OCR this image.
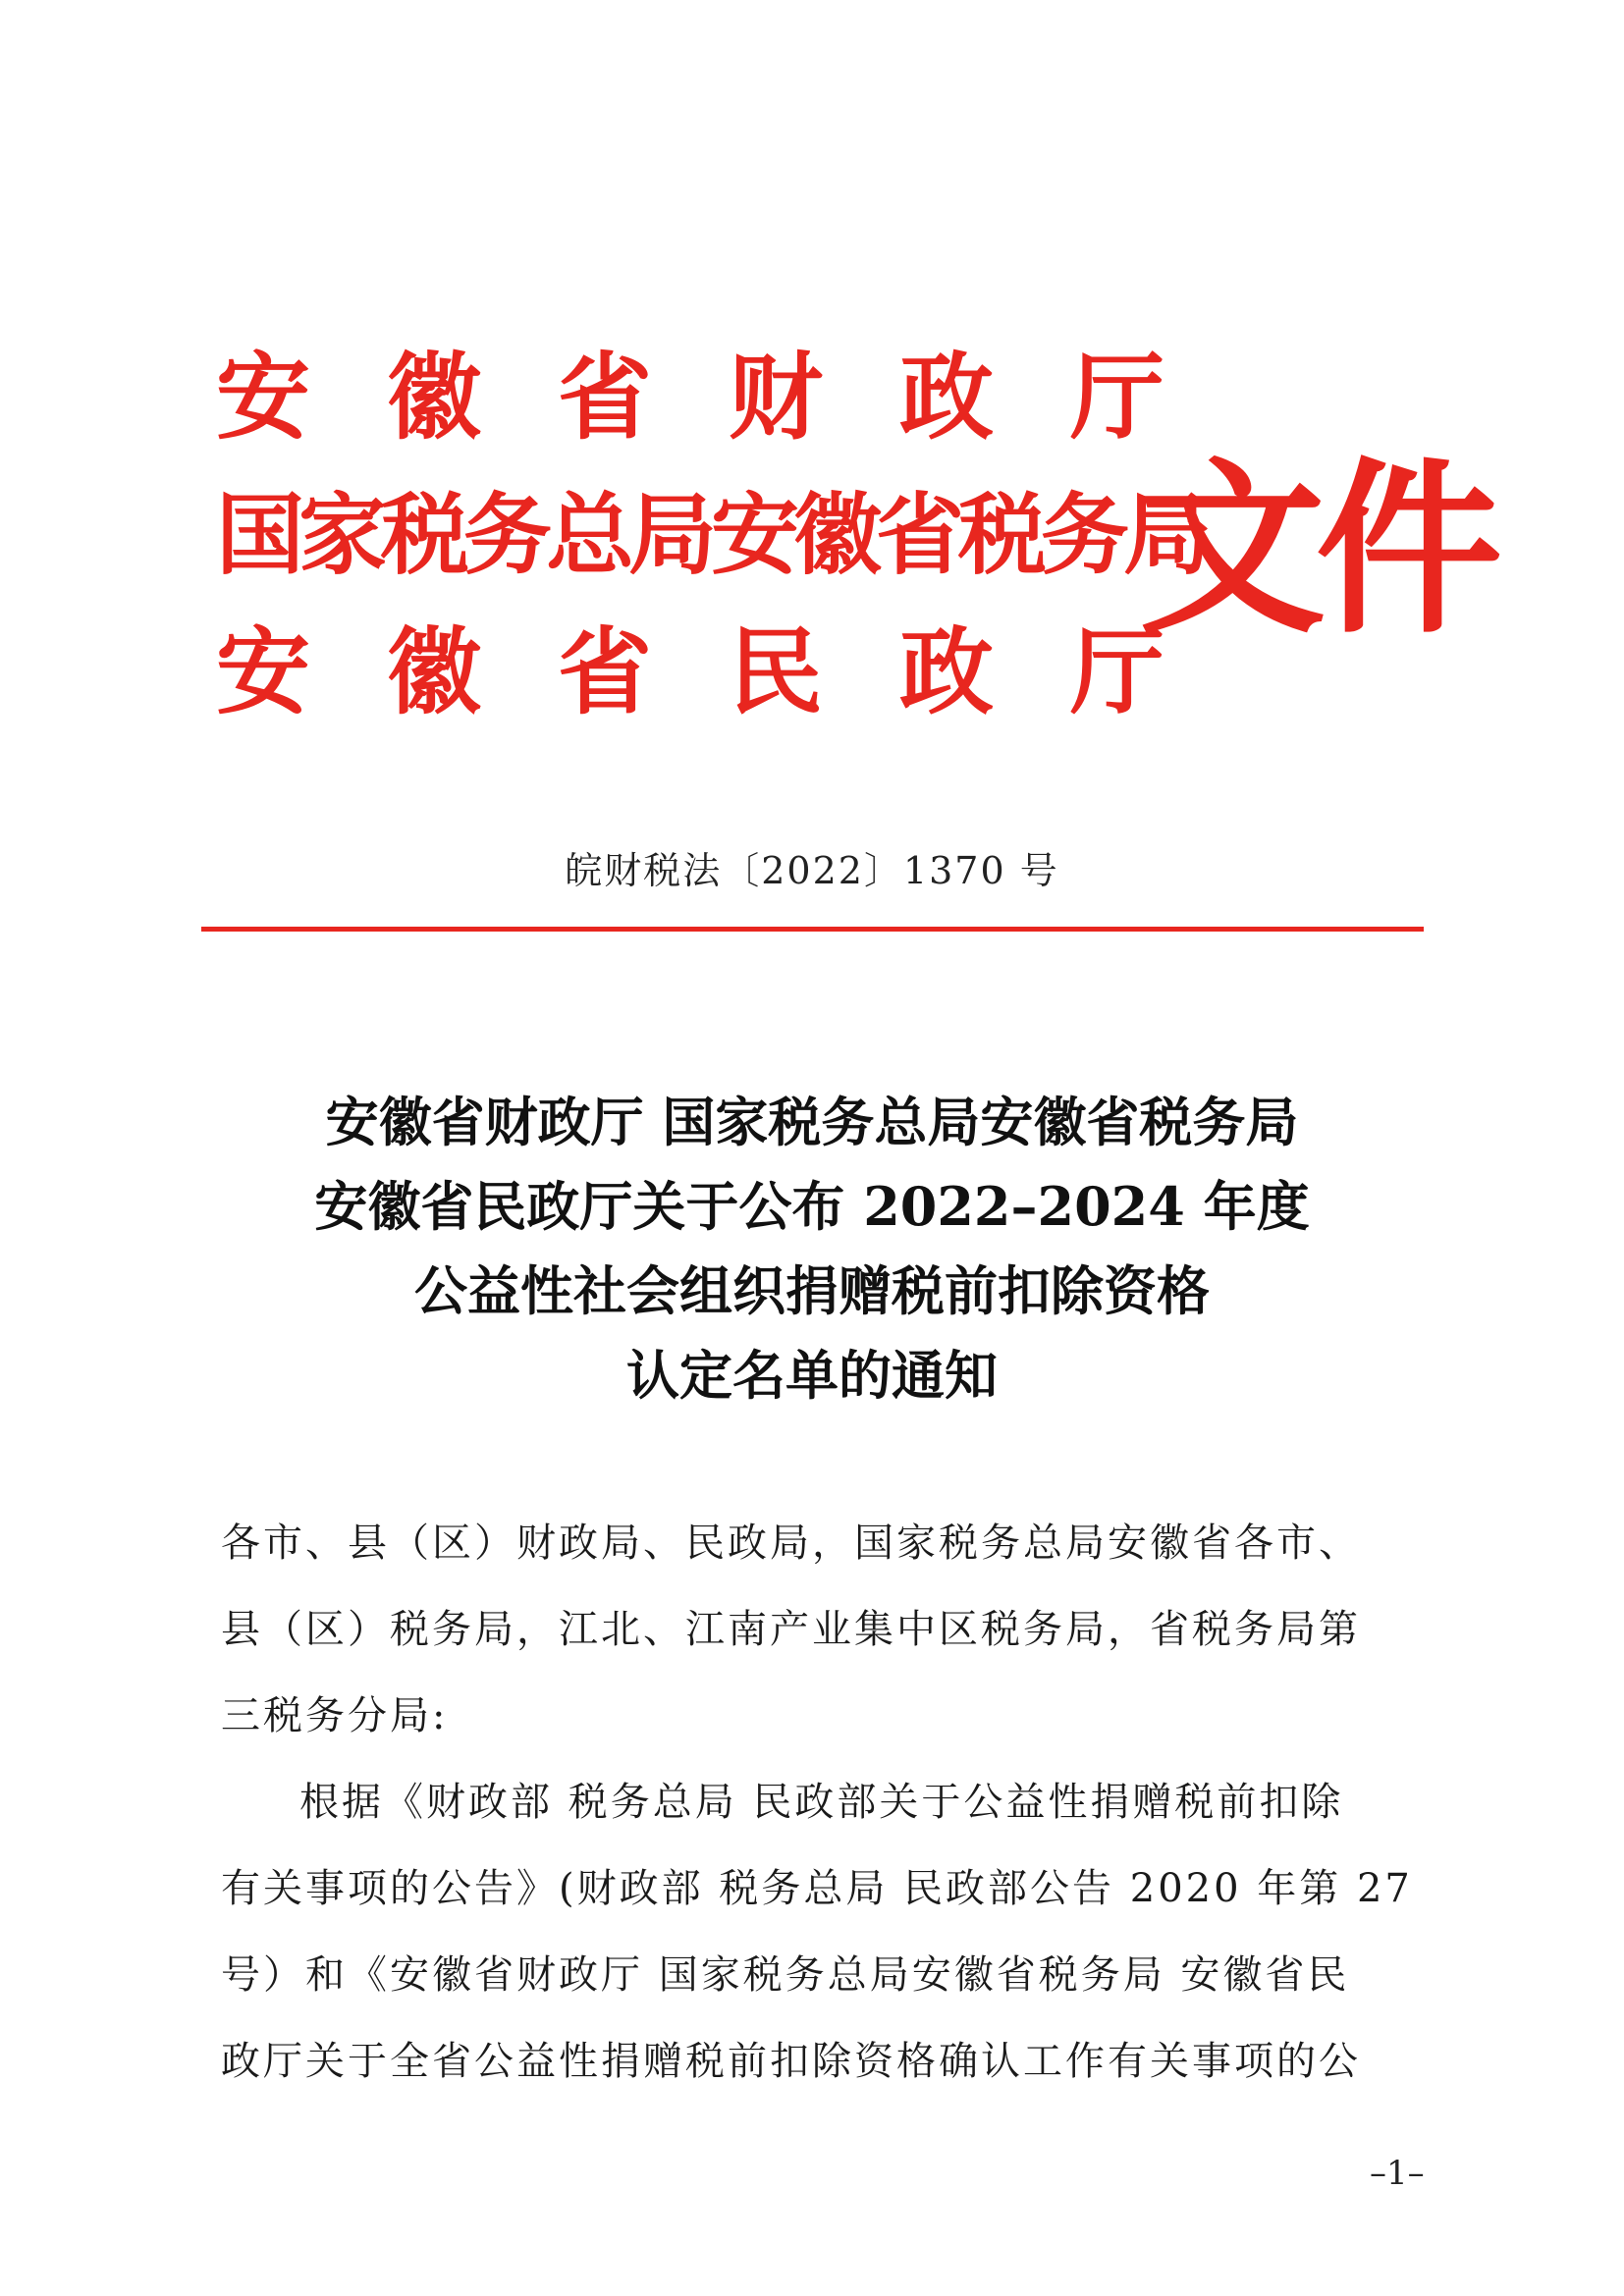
安徽省财政厅
国家税务总局安徽省税务局
安徽省民政厅
文件
皖财税法〔2022〕1370 号
安徽省财政厅 国家税务总局安徽省税务局
安徽省民政厅关于公布 2022–2024 年度
公益性社会组织捐赠税前扣除资格
认定名单的通知

各市、县（区）财政局、民政局，国家税务总局安徽省各市、
县（区）税务局，江北、江南产业集中区税务局，省税务局第
三税务分局:

根据《财政部 税务总局 民政部关于公益性捐赠税前扣除
有关事项的公告》(财政部 税务总局 民政部公告 2020 年第 27
号）和《安徽省财政厅 国家税务总局安徽省税务局 安徽省民
政厅关于全省公益性捐赠税前扣除资格确认工作有关事项的公

–1–
